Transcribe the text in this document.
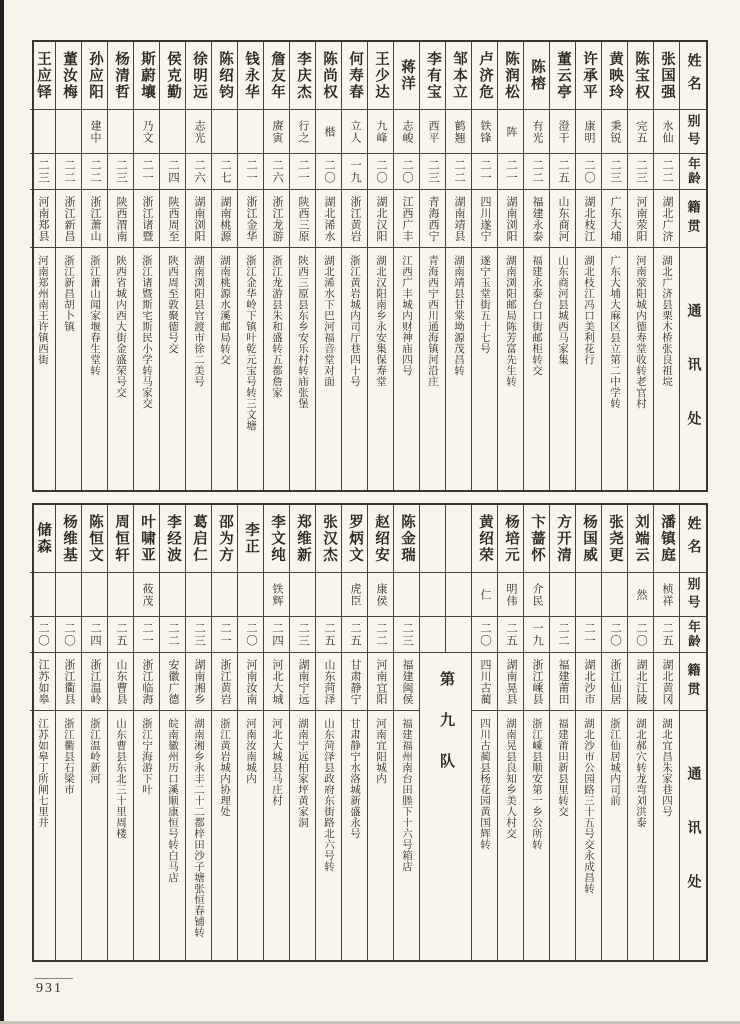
姓名
别号
年龄
籍贯
通讯处
张国强
水仙
二二
湖北广济
湖北广济县栗木桥张良祖垸
陈宝权
完五
二三
河南荥阳
河南荥阳城内德寿堂收转老官村
黄映玲
秉锐
二三
广东大埔
广东大埔大麻区县立第二中学转
许承平
康明
二〇
湖北枝江
湖北枝江冯口美利花行
董云亭
澄干
二五
山东商河
山东商河县城西马家集
陈榕
有光
二二
福建永泰
福建永泰台口街邮柜转交
陈润松
阵
二一
湖南浏阳
湖南浏阳邮局陈芳富先生转
卢济危
铁锋
二一
四川遂宁
遂宁玉堂街五十七号
邹本立
鹤翘
二二
湖南靖县
湖南靖县甘棠坳源茂昌转
李有宝
西平
二三
青海西宁
青海西宁西川通海镇河沿庄
蒋洋
志峻
二〇
江西广丰
江西广丰城内财神庙四号
王少达
九峰
二〇
湖北汉阳
湖北汉阳南乡永安集保寿堂
何寿春
立人
一九
浙江黄岩
浙江黄岩城内司厅巷四十号
陈尚权
楷
二〇
湖北浠水
湖北浠水下巴河福音堂对面
李庆杰
行之
二一
陕西三原
陕西三原县东乡安乐村转庙张堡
詹友年
赓寅
二六
浙江龙游
浙江龙游县朱和盛转五都詹家
钱永华
二一
浙江金华
浙江金华岭下镇叶乾元宝号转三文塘
陈绍钧
二七
湖南桃源
湖南桃源水溪邮局转交
徐明远
志光
二六
湖南浏阳
湖南浏阳县官渡市徐二美号
侯克勤
二四
陕西周至
陕西周至敦聚德号交
斯蔚壤
乃文
二一
浙江诸暨
浙江诸暨斯宅斯民小学转马家交
杨清哲
二三
陕西渭南
陕西省城内西大街金盛荣号交
孙应阳
建中
二二
浙江萧山
浙江萧山闻家堰春生堂转
董汝梅
二二
浙江新昌
浙江新昌胡卜镇
王应铎
二三
河南郑县
河南郑州南王许镇西街
姓名
别号
年龄
籍贯
通讯处
潘镇庭
桢祥
二五
湖北黄冈
湖北宜昌朱家巷四号
刘端云
然
二〇
湖北江陵
湖北郝穴转龙弯刘洪泰
张尧更
二〇
浙江仙居
浙江仙居城内司前
杨国威
二一
湖北沙市
湖北沙市公园路三十五号交永成昌转
方开清
二二
福建莆田
福建莆田新县里转交
卞蔷怀
介民
一九
浙江嵊县
浙江嵊县顺安第一乡公所转
杨培元
明伟
二五
湖南晃县
湖南晃县良知乡美人村交
黄绍荣
仁
二〇
四川古蔺
四川古蔺县杨花园黄国辉转
第九队
陈金瑞
二三
福建闽侯
福建福州南台田塍下十六号箱店
赵绍安
康侯
二二
河南宜阳
河南宜阳城内
罗炳文
虎臣
二五
甘肃静宁
甘肃静宁水洛城新盛永号
张汉杰
二五
山东菏泽
山东菏泽县政府东街路北六号转
郑维新
二三
湖南宁远
湖南宁远柏家坪黄家洞
李文纯
铁辉
二四
河北大城
河北大城县马庄村
李正
二〇
河南汝南
河南汝南城内
邵为方
二一
浙江黄岩
浙江黄岩城内协理处
葛启仁
二三
湖南湘乡
湖南湘乡永丰二十二都梓田沙子塘张恒春铺转
李经波
二二
安徽广德
皖南徽州历口溪顺康恒号转白马店
叶啸亚
莜茂
二一
浙江临海
浙江宁海游下叶
周恒轩
二五
山东曹县
山东曹县东北三十里周楼
陈恒文
二四
浙江温岭
浙江温岭新河
杨维基
二〇
浙江衢县
浙江衢县石梁市
储森
二〇
江苏如皋
江苏如皋丁所闸七里井
931
